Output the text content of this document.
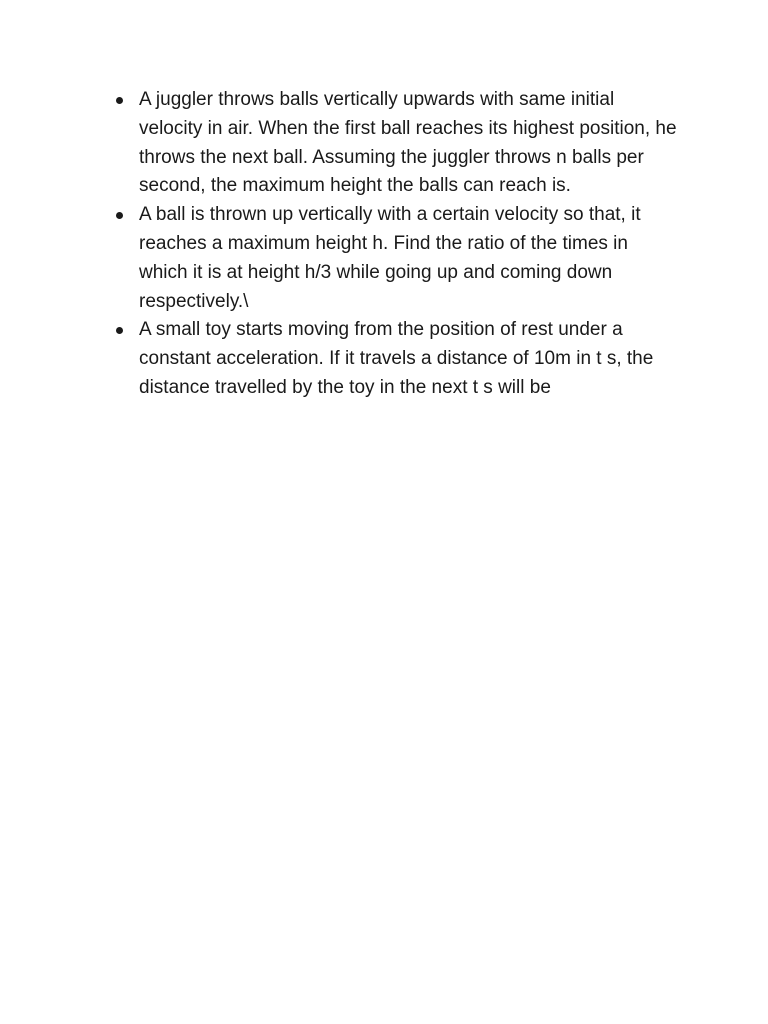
A juggler throws balls vertically upwards with same initial velocity in air. When the first ball reaches its highest position, he throws the next ball. Assuming the juggler throws n balls per second, the maximum height the balls can reach is.
A ball is thrown up vertically with a certain velocity so that, it reaches a maximum height h. Find the ratio of the times in which it is at height h/3 while going up and coming down respectively.\
A small toy starts moving from the position of rest under a constant acceleration. If it travels a distance of 10m in t s, the distance travelled by the toy in the next t s will be
